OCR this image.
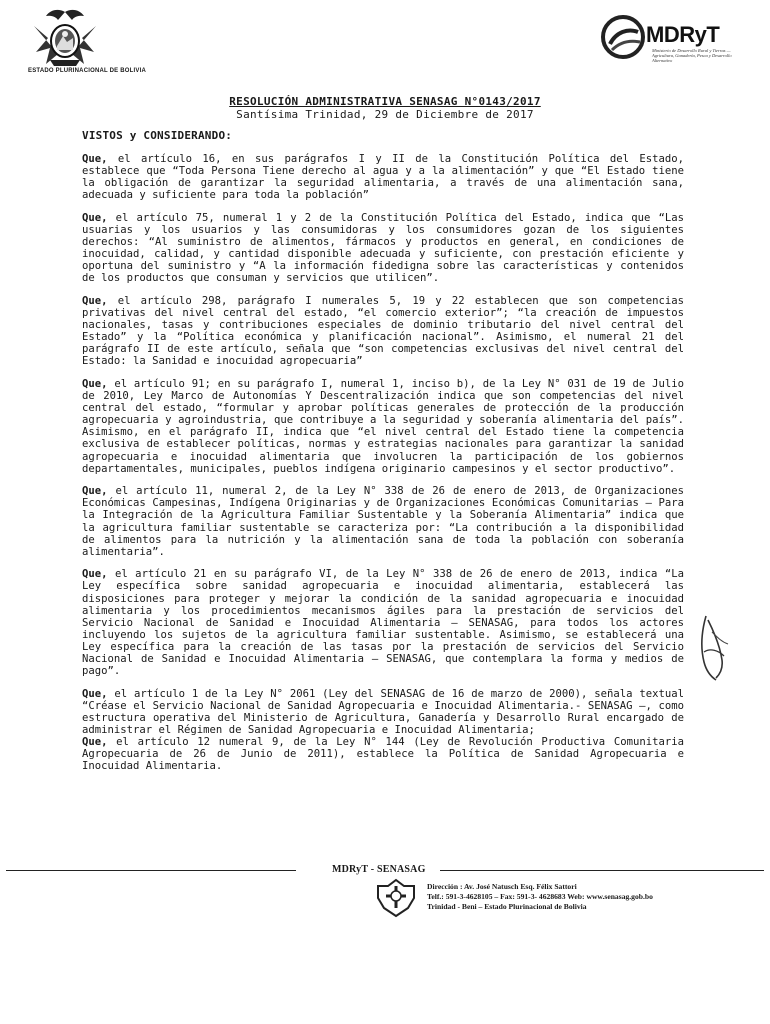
ESTADO PLURINACIONAL DE BOLIVIA
MDRyT
Ministerio de Desarrollo Rural y Tierras — Agricultura, Ganadería, Pesca y Desarrollo Alternativo
RESOLUCIÓN ADMINISTRATIVA SENASAG N°0143/2017
Santísima Trinidad, 29 de Diciembre de 2017
VISTOS y CONSIDERANDO:

Que, el artículo 16, en sus parágrafos I y II de la Constitución Política del Estado, establece que “Toda Persona Tiene derecho al agua y a la alimentación” y que “El Estado tiene la obligación de garantizar la seguridad alimentaria, a través de una alimentación sana, adecuada y suficiente para toda la población”

Que, el artículo 75, numeral 1 y 2 de la Constitución Política del Estado, indica que “Las usuarias y los usuarios y las consumidoras y los consumidores gozan de los siguientes derechos: “Al suministro de alimentos, fármacos y productos en general, en condiciones de inocuidad, calidad, y cantidad disponible adecuada y suficiente, con prestación eficiente y oportuna del suministro y “A la información fidedigna sobre las características y contenidos de los productos que consuman y servicios que utilicen”.

Que, el artículo 298, parágrafo I numerales 5, 19 y 22 establecen que son competencias privativas del nivel central del estado, “el comercio exterior”; “la creación de impuestos nacionales, tasas y contribuciones especiales de dominio tributario del nivel central del Estado” y la “Política económica y planificación nacional”. Asimismo, el numeral 21 del parágrafo II de este artículo, señala que “son competencias exclusivas del nivel central del Estado: la Sanidad e inocuidad agropecuaria”

Que, el artículo 91; en su parágrafo I, numeral 1, inciso b), de la Ley N° 031 de 19 de Julio de 2010, Ley Marco de Autonomías Y Descentralización indica que son competencias del nivel central del estado, “formular y aprobar políticas generales de protección de la producción agropecuaria y agroindustria, que contribuye a la seguridad y soberanía alimentaria del país”. Asimismo, en el parágrafo II, indica que “el nivel central del Estado tiene la competencia exclusiva de establecer políticas, normas y estrategias nacionales para garantizar la sanidad agropecuaria e inocuidad alimentaria que involucren la participación de los gobiernos departamentales, municipales, pueblos indígena originario campesinos y el sector productivo”.

Que, el artículo 11, numeral 2, de la Ley N° 338 de 26 de enero de 2013, de Organizaciones Económicas Campesinas, Indígena Originarias y de Organizaciones Económicas Comunitarias – Para la Integración de la Agricultura Familiar Sustentable y la Soberanía Alimentaria” indica que la agricultura familiar sustentable se caracteriza por: “La contribución a la disponibilidad de alimentos para la nutrición y la alimentación sana de toda la población con soberanía alimentaria”.

Que, el artículo 21 en su parágrafo VI, de la Ley N° 338 de 26 de enero de 2013, indica “La Ley específica sobre sanidad agropecuaria e inocuidad alimentaria, establecerá las disposiciones para proteger y mejorar la condición de la sanidad agropecuaria e inocuidad alimentaria y los procedimientos mecanismos ágiles para la prestación de servicios del Servicio Nacional de Sanidad e Inocuidad Alimentaria – SENASAG, para todos los actores incluyendo los sujetos de la agricultura familiar sustentable. Asimismo, se establecerá una Ley específica para la creación de las tasas por la prestación de servicios del Servicio Nacional de Sanidad e Inocuidad Alimentaria – SENASAG, que contemplara la forma y medios de pago”.

Que, el artículo 1 de la Ley N° 2061 (Ley del SENASAG de 16 de marzo de 2000), señala textual “Créase el Servicio Nacional de Sanidad Agropecuaria e Inocuidad Alimentaria.- SENASAG –, como estructura operativa del Ministerio de Agricultura, Ganadería y Desarrollo Rural encargado de administrar el Régimen de Sanidad Agropecuaria e Inocuidad Alimentaria;

Que, el artículo 12 numeral 9, de la Ley N° 144 (Ley de Revolución Productiva Comunitaria Agropecuaria de 26 de Junio de 2011), establece la Política de Sanidad Agropecuaria e Inocuidad Alimentaria.

MDRyT - SENASAG
Dirección : Av. José Natusch Esq. Félix Sattori
Telf.: 591-3-4628105 – Fax: 591-3- 4628683 Web: www.senasag.gob.bo
Trinidad - Beni – Estado Plurinacional de Bolivia
